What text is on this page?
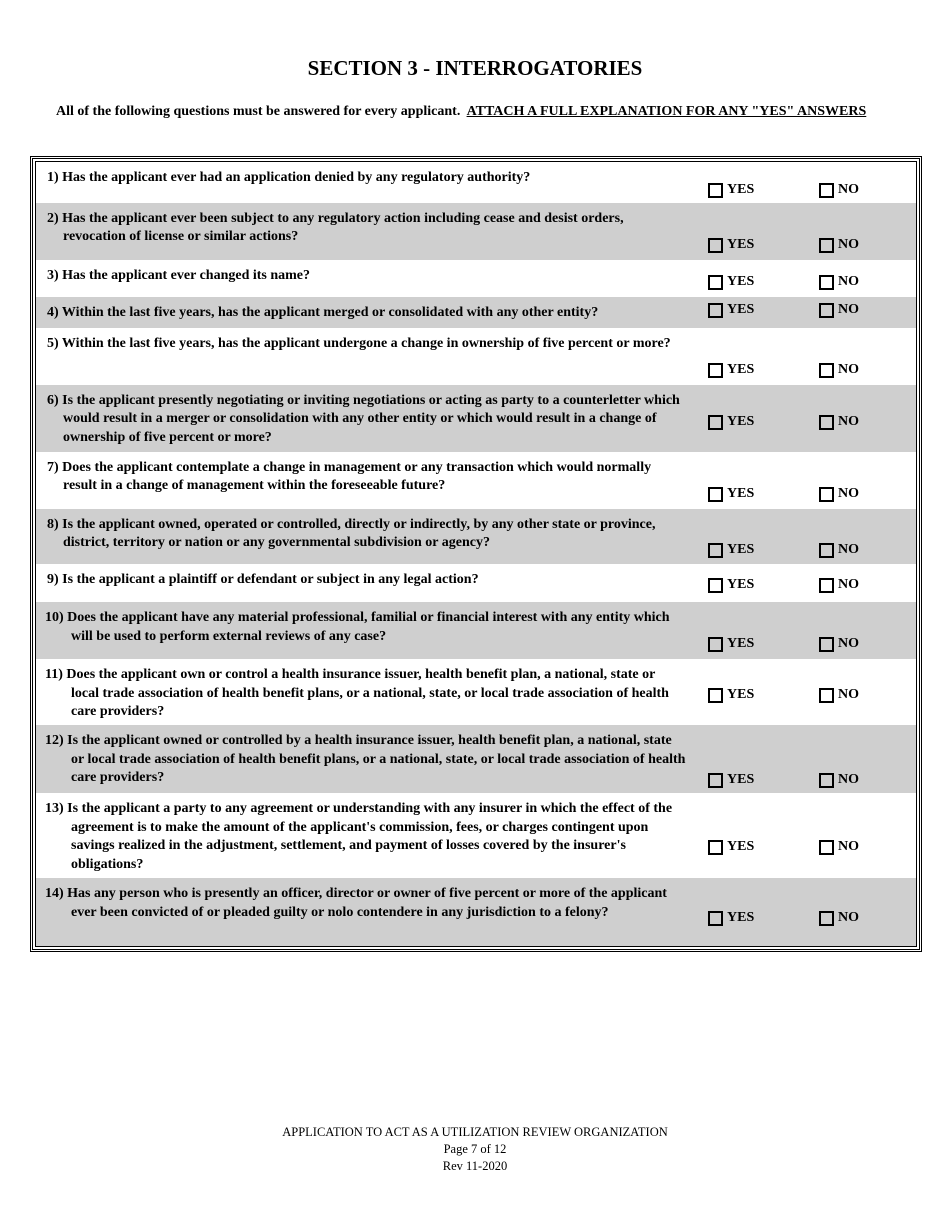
SECTION 3 - INTERROGATORIES

All of the following questions must be answered for every applicant. ATTACH A FULL EXPLANATION FOR ANY "YES" ANSWERS

1) Has the applicant ever had an application denied by any regulatory authority?
YES	NO
2) Has the applicant ever been subject to any regulatory action including cease and desist orders, revocation of license or similar actions?	YES	NO
3) Has the applicant ever changed its name?	YES	NO
4) Within the last five years, has the applicant merged or consolidated with any other entity?	YES	NO
5) Within the last five years, has the applicant undergone a change in ownership of five percent or more?
YES	NO
6) Is the applicant presently negotiating or inviting negotiations or acting as party to a counterletter which would result in a merger or consolidation with any other entity or which would result in a change of ownership of five percent or more?
YES	NO
7) Does the applicant contemplate a change in management or any transaction which would normally result in a change of management within the foreseeable future?	YES	NO
8) Is the applicant owned, operated or controlled, directly or indirectly, by any other state or province, district, territory or nation or any governmental subdivision or agency?	YES	NO
9) Is the applicant a plaintiff or defendant or subject in any legal action?	YES	NO
10) Does the applicant have any material professional, familial or financial interest with any entity which will be used to perform external reviews of any case?	YES	NO
11) Does the applicant own or control a health insurance issuer, health benefit plan, a national, state or local trade association of health benefit plans, or a national, state, or local trade association of health care providers?
YES	NO
12) Is the applicant owned or controlled by a health insurance issuer, health benefit plan, a national, state or local trade association of health benefit plans, or a national, state, or local trade association of health care providers?	YES	NO
13) Is the applicant a party to any agreement or understanding with any insurer in which the effect of the agreement is to make the amount of the applicant's commission, fees, or charges contingent upon savings realized in the adjustment, settlement, and payment of losses covered by the insurer's obligations?
YES	NO
14) Has any person who is presently an officer, director or owner of five percent or more of the applicant ever been convicted of or pleaded guilty or nolo contendere in any jurisdiction to a felony?	YES	NO
APPLICATION TO ACT AS A UTILIZATION REVIEW ORGANIZATION
Page 7 of 12
Rev 11-2020
